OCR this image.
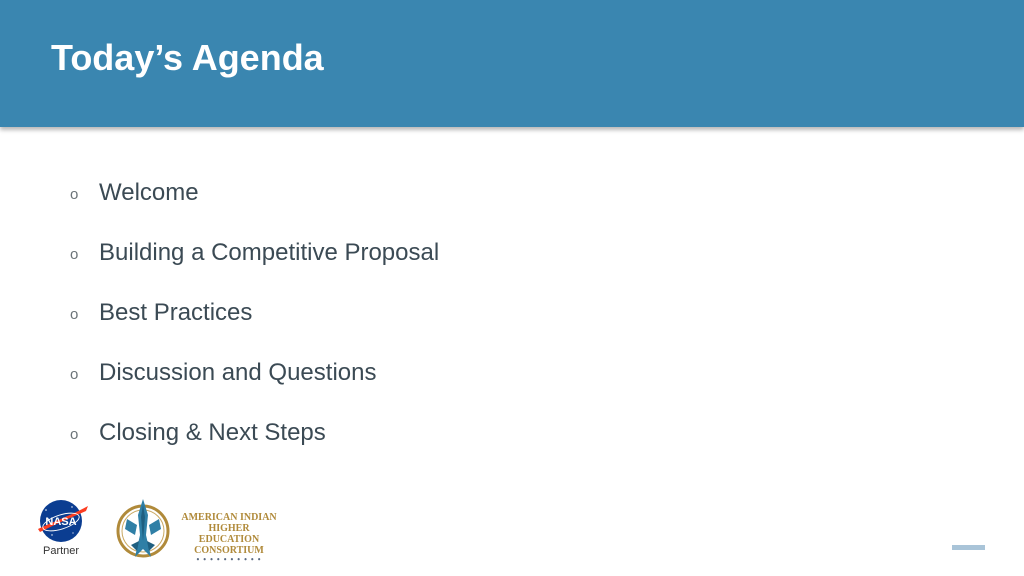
Today’s Agenda
o Welcome
o Building a Competitive Proposal
o Best Practices
o Discussion and Questions
o Closing & Next Steps
NASA
Partner
AMERICAN INDIAN
HIGHER EDUCATION
CONSORTIUM
• • • • • • • • • •
